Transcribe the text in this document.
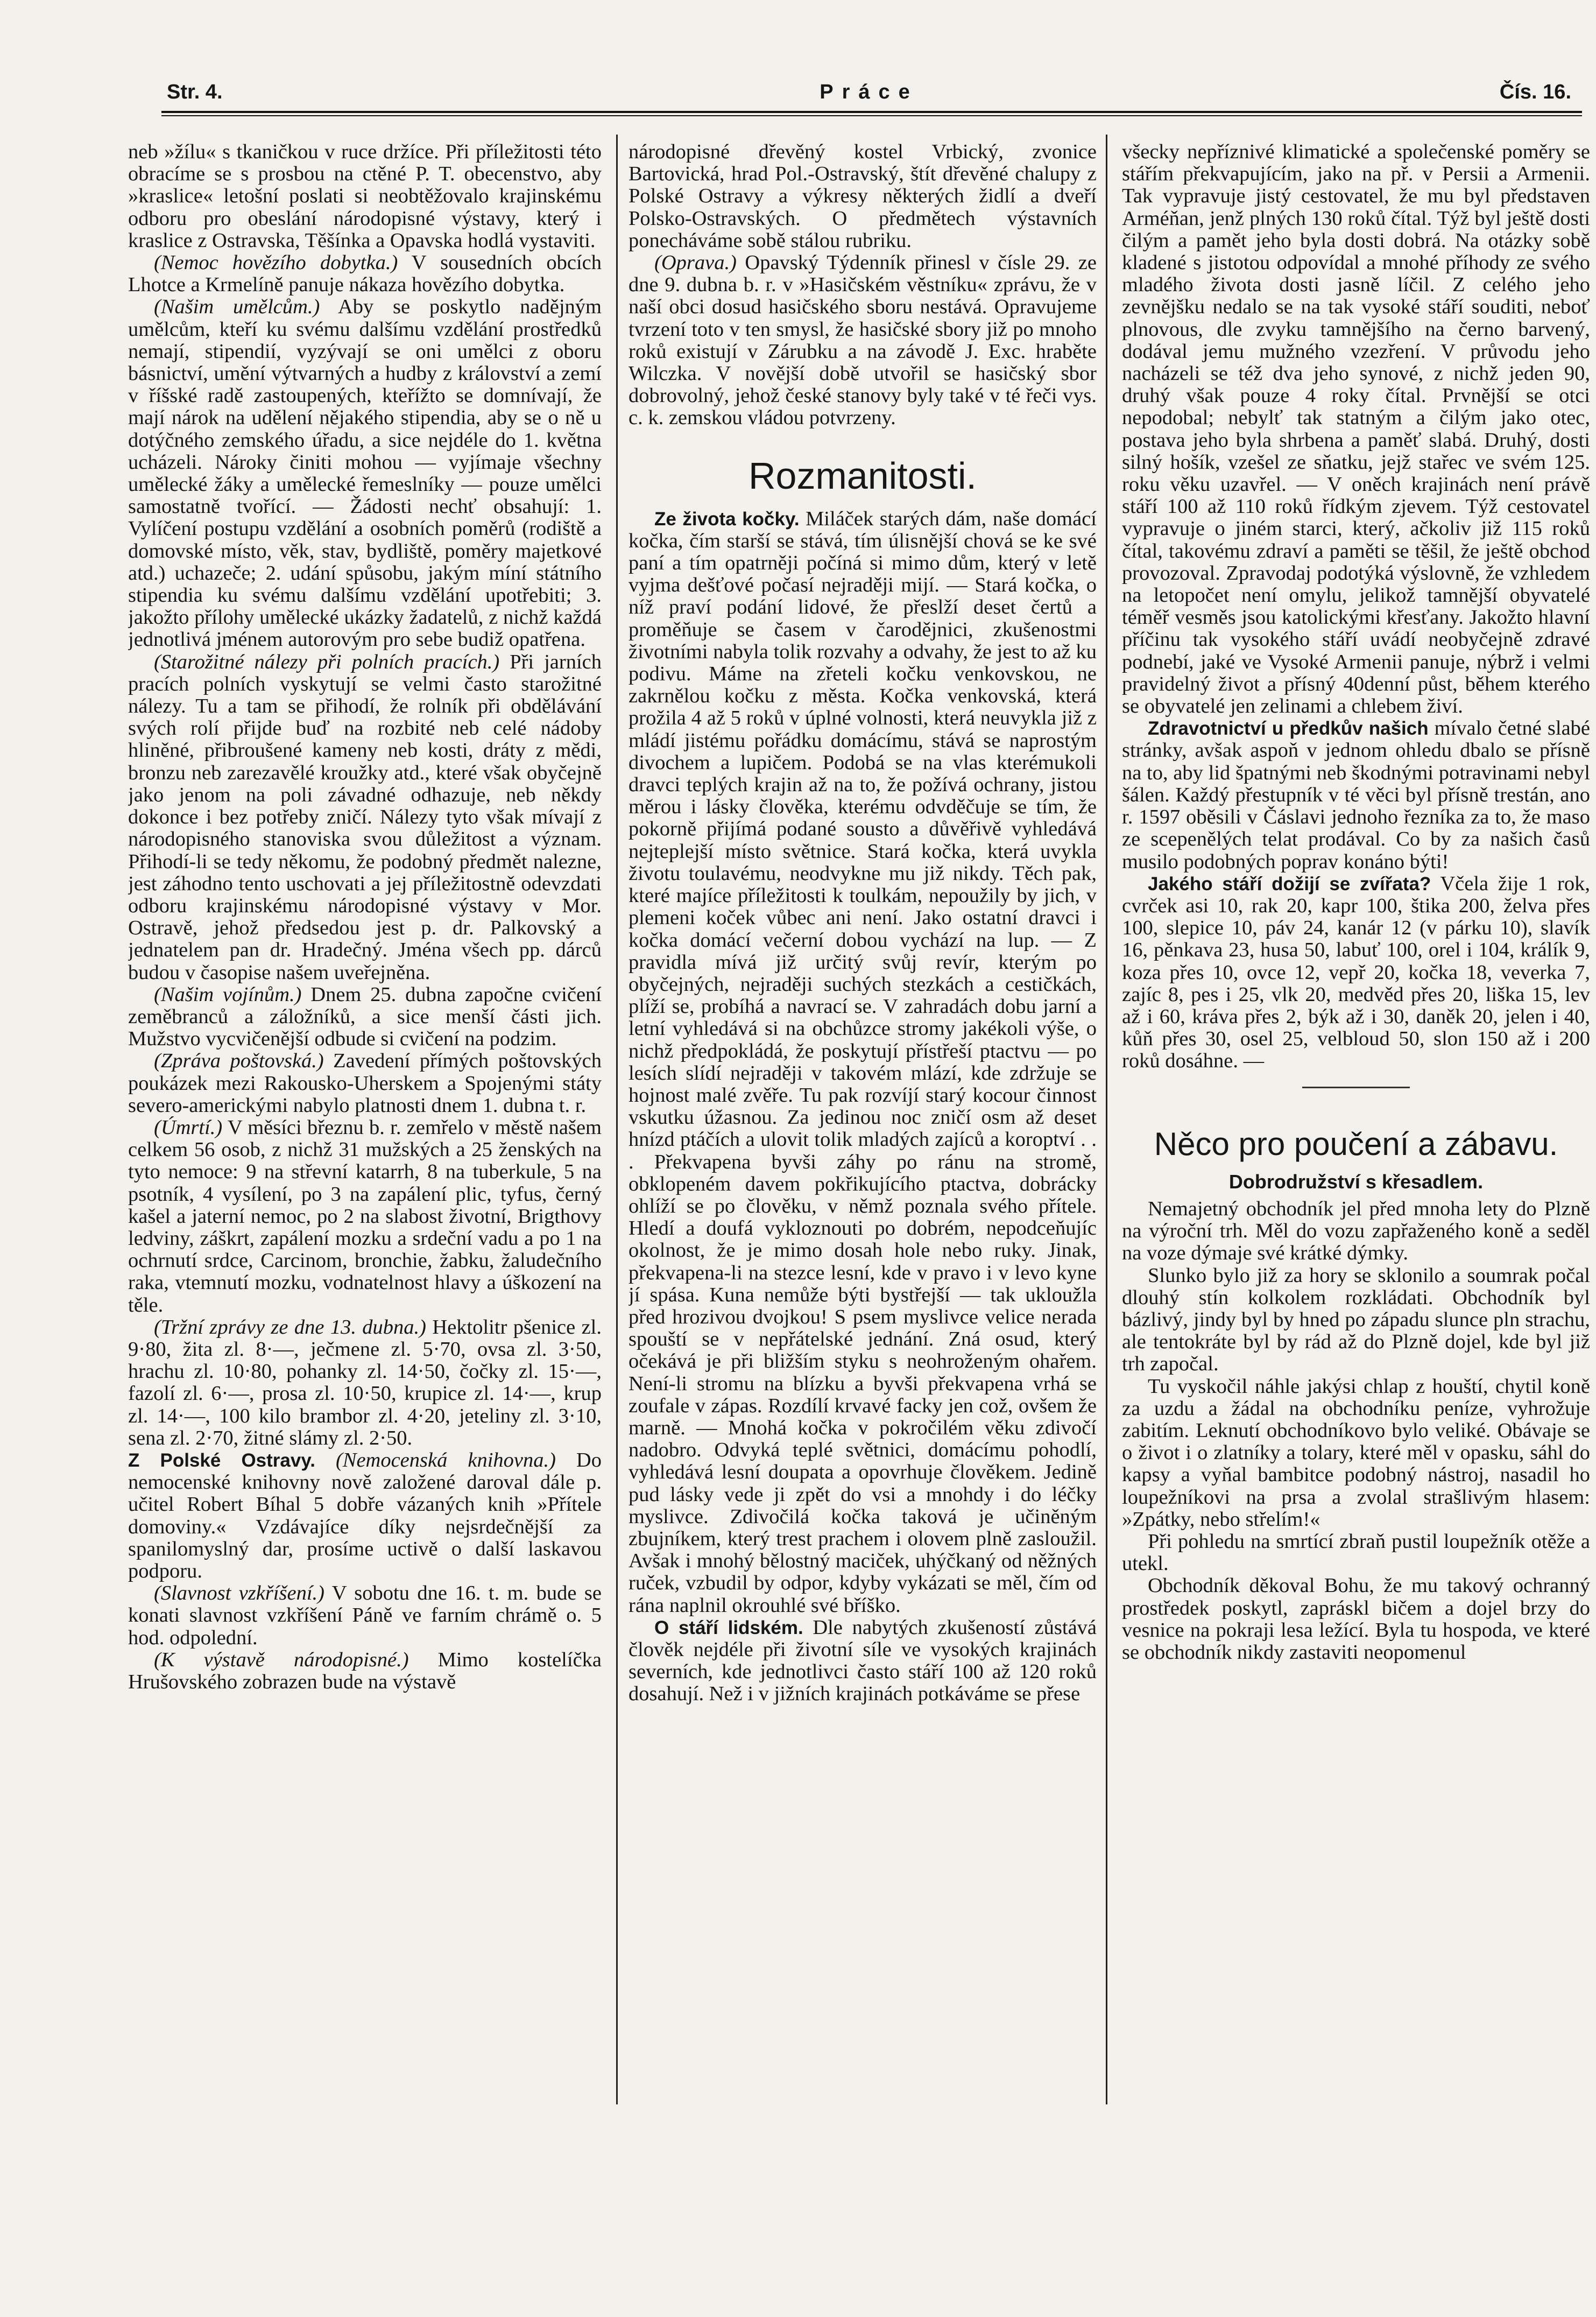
Str. 4.	Práce	Čís. 16.

neb »žílu« s tkaničkou v ruce držíce. Při příležitosti této obracíme se s prosbou na ctěné P. T. obecenstvo, aby »kraslice« letošní poslati si neobtěžovalo krajinskému odboru pro obeslání národopisné výstavy, který i kraslice z Ostravska, Těšínka a Opavska hodlá vystaviti.

(Nemoc hovězího dobytka.) V sousedních obcích Lhotce a Krmelíně panuje nákaza hovězího dobytka.

(Našim umělcům.) Aby se poskytlo nadějným umělcům, kteří ku svému dalšímu vzdělání prostředků nemají, stipendií, vyzývají se oni umělci z oboru básnictví, umění výtvarných a hudby z království a zemí v říšské radě zastoupených, kteřížto se domnívají, že mají nárok na udělení nějakého stipendia, aby se o ně u dotýčného zemského úřadu, a sice nejdéle do 1. května ucházeli. Nároky činiti mohou — vyjímaje všechny umělecké žáky a umělecké řemeslníky — pouze umělci samostatně tvořící. — Žádosti nechť obsahují: 1. Vylíčení postupu vzdělání a osobních poměrů (rodiště a domovské místo, věk, stav, bydliště, poměry majetkové atd.) uchazeče; 2. udání spůsobu, jakým míní státního stipendia ku svému dalšímu vzdělání upotřebiti; 3. jakožto přílohy umělecké ukázky žadatelů, z nichž každá jednotlivá jménem autorovým pro sebe budiž opatřena.

(Starožitné nálezy při polních pracích.) Při jarních pracích polních vyskytují se velmi často starožitné nálezy. Tu a tam se přihodí, že rolník při obdělávání svých rolí přijde buď na rozbité neb celé nádoby hliněné, přibroušené kameny neb kosti, dráty z mědi, bronzu neb zarezavělé kroužky atd., které však obyčejně jako jenom na poli závadné odhazuje, neb někdy dokonce i bez potřeby zničí. Nálezy tyto však mívají z národopisného stanoviska svou důležitost a význam. Přihodí-li se tedy někomu, že podobný předmět nalezne, jest záhodno tento uschovati a jej příležitostně odevzdati odboru krajinskému národopisné výstavy v Mor. Ostravě, jehož předsedou jest p. dr. Palkovský a jednatelem pan dr. Hradečný. Jména všech pp. dárců budou v časopise našem uveřejněna.

(Našim vojínům.) Dnem 25. dubna započne cvičení zeměbranců a záložníků, a sice menší části jich. Mužstvo vycvičenější odbude si cvičení na podzim.

(Zpráva poštovská.) Zavedení přímých poštovských poukázek mezi Rakousko-Uherskem a Spojenými státy severo-americkými nabylo platnosti dnem 1. dubna t. r.

(Úmrtí.) V měsíci březnu b. r. zemřelo v městě našem celkem 56 osob, z nichž 31 mužských a 25 ženských na tyto nemoce: 9 na střevní katarrh, 8 na tuberkule, 5 na psotník, 4 vysílení, po 3 na zapálení plic, tyfus, černý kašel a jaterní nemoc, po 2 na slabost životní, Brigthovy ledviny, záškrt, zapálení mozku a srdeční vadu a po 1 na ochrnutí srdce, Carcinom, bronchie, žabku, žaludečního raka, vtemnutí mozku, vodnatelnost hlavy a úškození na těle.

(Tržní zprávy ze dne 13. dubna.) Hektolitr pšenice zl. 9·80, žita zl. 8·—, ječmene zl. 5·70, ovsa zl. 3·50, hrachu zl. 10·80, pohanky zl. 14·50, čočky zl. 15·—, fazolí zl. 6·—, prosa zl. 10·50, krupice zl. 14·—, krup zl. 14·—, 100 kilo brambor zl. 4·20, jeteliny zl. 3·10, sena zl. 2·70, žitné slámy zl. 2·50.

Z Polské Ostravy. (Nemocenská knihovna.) Do nemocenské knihovny nově založené daroval dále p. učitel Robert Bíhal 5 dobře vázaných knih »Přítele domoviny.« Vzdávajíce díky nejsrdečnější za spanilomyslný dar, prosíme uctivě o další laskavou podporu.

(Slavnost vzkříšení.) V sobotu dne 16. t. m. bude se konati slavnost vzkříšení Páně ve farním chrámě o. 5 hod. odpolední.

(K výstavě národopisné.) Mimo kostelíčka Hrušovského zobrazen bude na výstavě

národopisné dřevěný kostel Vrbický, zvonice Bartovická, hrad Pol.-Ostravský, štít dřevěné chalupy z Polské Ostravy a výkresy některých židlí a dveří Polsko-Ostravských. O předmětech výstavních ponecháváme sobě stálou rubriku.

(Oprava.) Opavský Týdenník přinesl v čísle 29. ze dne 9. dubna b. r. v »Hasičském věstníku« zprávu, že v naší obci dosud hasičského sboru nestává. Opravujeme tvrzení toto v ten smysl, že hasičské sbory již po mnoho roků existují v Zárubku a na závodě J. Exc. hraběte Wilczka. V novější době utvořil se hasičský sbor dobrovolný, jehož české stanovy byly také v té řeči vys. c. k. zemskou vládou potvrzeny.

Rozmanitosti.

Ze života kočky. Miláček starých dám, naše domácí kočka, čím starší se stává, tím úlisnější chová se ke své paní a tím opatrněji počíná si mimo dům, který v letě vyjma dešťové počasí nejraději mijí. — Stará kočka, o níž praví podání lidové, že přeslží deset čertů a proměňuje se časem v čarodějnici, zkušenostmi životními nabyla tolik rozvahy a odvahy, že jest to až ku podivu. Máme na zřeteli kočku venkovskou, ne zakrnělou kočku z města. Kočka venkovská, která prožila 4 až 5 roků v úplné volnosti, která neuvykla již z mládí jistému pořádku domácímu, stává se naprostým divochem a lupičem. Podobá se na vlas kterémukoli dravci teplých krajin až na to, že požívá ochrany, jistou měrou i lásky člověka, kterému odvděčuje se tím, že pokorně přijímá podané sousto a důvěřivě vyhledává nejteplejší místo světnice. Stará kočka, která uvykla životu toulavému, neodvykne mu již nikdy. Těch pak, které majíce příležitosti k toulkám, nepoužily by jich, v plemeni koček vůbec ani není. Jako ostatní dravci i kočka domácí večerní dobou vychází na lup. — Z pravidla mívá již určitý svůj revír, kterým po obyčejných, nejraději suchých stezkách a cestičkách, plíží se, probíhá a navrací se. V zahradách dobu jarní a letní vyhledává si na obchůzce stromy jakékoli výše, o nichž předpokládá, že poskytují přístřeší ptactvu — po lesích slídí nejraději v takovém mlází, kde zdržuje se hojnost malé zvěře. Tu pak rozvíjí starý kocour činnost vskutku úžasnou. Za jedinou noc zničí osm až deset hnízd ptáčích a ulovit tolik mladých zajíců a koroptví . . . Překvapena byvši záhy po ránu na stromě, obklopeném davem pokřikujícího ptactva, dobrácky ohlíží se po člověku, v němž poznala svého přítele. Hledí a doufá vykloznouti po dobrém, nepodceňujíc okolnost, že je mimo dosah hole nebo ruky. Jinak, překvapena-li na stezce lesní, kde v pravo i v levo kyne jí spása. Kuna nemůže býti bystřejší — tak ukloužla před hrozivou dvojkou! S psem myslivce velice nerada spouští se v nepřátelské jednání. Zná osud, který očekává je při bližším styku s neohroženým ohařem. Není-li stromu na blízku a byvši překvapena vrhá se zoufale v zápas. Rozdílí krvavé facky jen což, ovšem že marně. — Mnohá kočka v pokročilém věku zdivočí nadobro. Odvyká teplé světnici, domácímu pohodlí, vyhledává lesní doupata a opovrhuje člověkem. Jedině pud lásky vede ji zpět do vsi a mnohdy i do léčky myslivce. Zdivočilá kočka taková je učiněným zbujníkem, který trest prachem i olovem plně zasloužil. Avšak i mnohý bělostný maciček, uhýčkaný od něžných ruček, vzbudil by odpor, kdyby vykázati se měl, čím od rána naplnil okrouhlé své bříško.

O stáří lidském. Dle nabytých zkušeností zůstává člověk nejdéle při životní síle ve vysokých krajinách severních, kde jednotlivci často stáří 100 až 120 roků dosahují. Než i v jižních krajinách potkáváme se přese

všecky nepříznivé klimatické a společenské poměry se stářím překvapujícím, jako na př. v Persii a Armenii. Tak vypravuje jistý cestovatel, že mu byl představen Arméňan, jenž plných 130 roků čítal. Týž byl ještě dosti čilým a pamět jeho byla dosti dobrá. Na otázky sobě kladené s jistotou odpovídal a mnohé příhody ze svého mladého života dosti jasně líčil. Z celého jeho zevnějšku nedalo se na tak vysoké stáří souditi, neboť plnovous, dle zvyku tamnějšího na černo barvený, dodával jemu mužného vzezření. V průvodu jeho nacházeli se též dva jeho synové, z nichž jeden 90, druhý však pouze 4 roky čítal. Prvnější se otci nepodobal; nebylť tak statným a čilým jako otec, postava jeho byla shrbena a paměť slabá. Druhý, dosti silný hošík, vzešel ze sňatku, jejž stařec ve svém 125. roku věku uzavřel. — V oněch krajinách není právě stáří 100 až 110 roků řídkým zjevem. Týž cestovatel vypravuje o jiném starci, který, ačkoliv již 115 roků čítal, takovému zdraví a paměti se těšil, že ještě obchod provozoval. Zpravodaj podotýká výslovně, že vzhledem na letopočet není omylu, jelikož tamnější obyvatelé téměř vesměs jsou katolickými křesťany. Jakožto hlavní příčinu tak vysokého stáří uvádí neobyčejně zdravé podnebí, jaké ve Vysoké Armenii panuje, nýbrž i velmi pravidelný život a přísný 40denní půst, během kterého se obyvatelé jen zelinami a chlebem živí.

Zdravotnictví u předkův našich mívalo četné slabé stránky, avšak aspoň v jednom ohledu dbalo se přísně na to, aby lid špatnými neb škodnými potravinami nebyl šálen. Každý přestupník v té věci byl přísně trestán, ano r. 1597 oběsili v Čáslavi jednoho řezníka za to, že maso ze scepenělých telat prodával. Co by za našich časů musilo podobných poprav konáno býti!

Jakého stáří dožijí se zvířata? Včela žije 1 rok, cvrček asi 10, rak 20, kapr 100, štika 200, želva přes 100, slepice 10, páv 24, kanár 12 (v párku 10), slavík 16, pěnkava 23, husa 50, labuť 100, orel i 104, králík 9, koza přes 10, ovce 12, vepř 20, kočka 18, veverka 7, zajíc 8, pes i 25, vlk 20, medvěd přes 20, liška 15, lev až i 60, kráva přes 2, býk až i 30, daněk 20, jelen i 40, kůň přes 30, osel 25, velbloud 50, slon 150 až i 200 roků dosáhne. —

Něco pro poučení a zábavu.
Dobrodružství s křesadlem.

Nemajetný obchodník jel před mnoha lety do Plzně na výroční trh. Měl do vozu zapřaženého koně a seděl na voze dýmaje své krátké dýmky.

Slunko bylo již za hory se sklonilo a soumrak počal dlouhý stín kolkolem rozkládati. Obchodník byl bázlivý, jindy byl by hned po západu slunce pln strachu, ale tentokráte byl by rád až do Plzně dojel, kde byl již trh započal.

Tu vyskočil náhle jakýsi chlap z houští, chytil koně za uzdu a žádal na obchodníku peníze, vyhrožuje zabitím. Leknutí obchodníkovo bylo veliké. Obávaje se o život i o zlatníky a tolary, které měl v opasku, sáhl do kapsy a vyňal bambitce podobný nástroj, nasadil ho loupežníkovi na prsa a zvolal strašlivým hlasem: »Zpátky, nebo střelím!«

Při pohledu na smrtící zbraň pustil loupežník otěže a utekl.

Obchodník děkoval Bohu, že mu takový ochranný prostředek poskytl, zapráskl bičem a dojel brzy do vesnice na pokraji lesa ležící. Byla tu hospoda, ve které se obchodník nikdy zastaviti neopomenul
